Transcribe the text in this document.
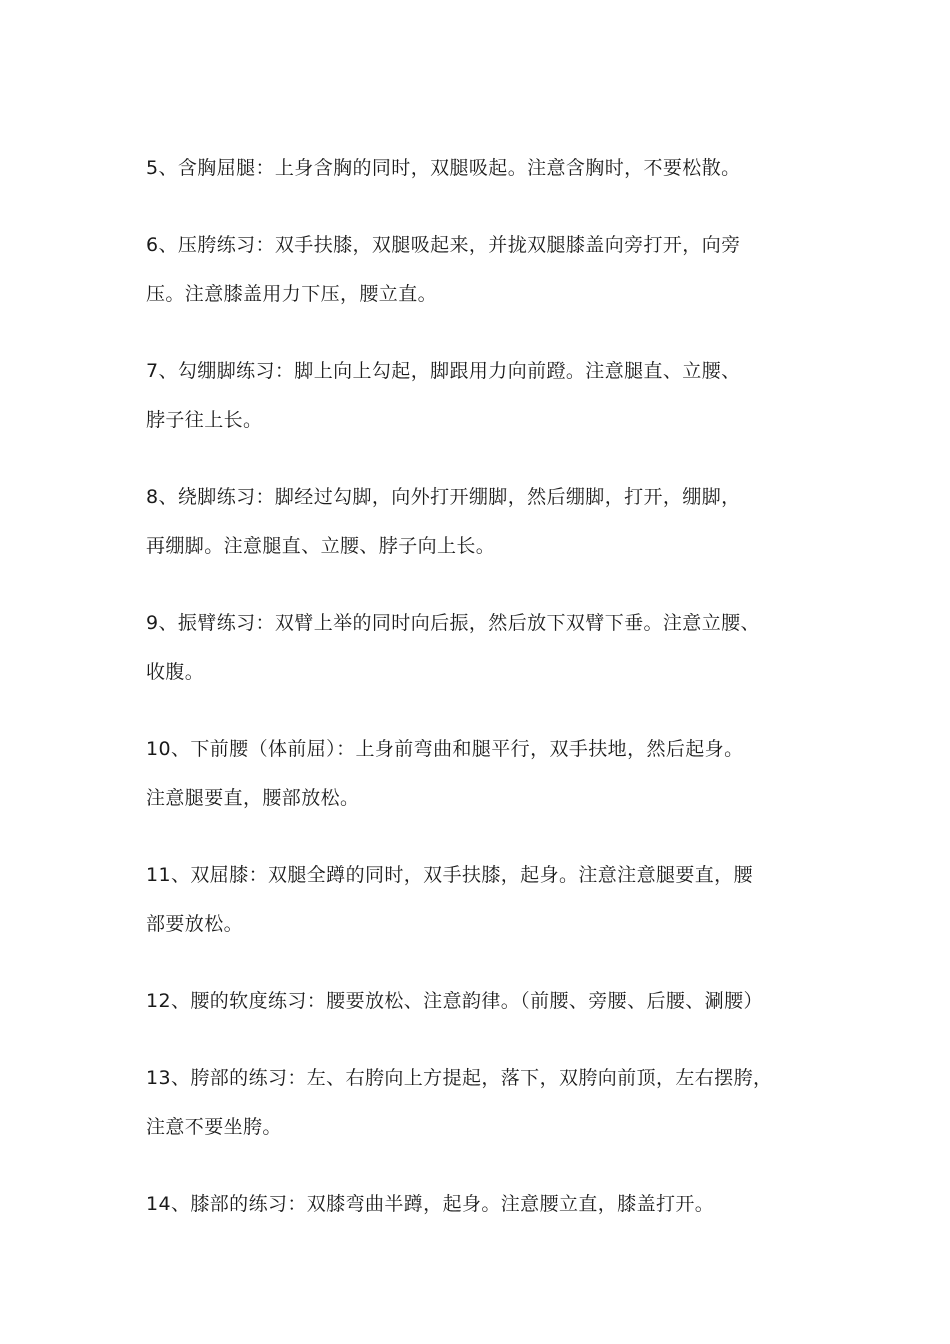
5、含胸屈腿：上身含胸的同时，双腿吸起。注意含胸时，不要松散。

6、压胯练习：双手扶膝，双腿吸起来，并拢双腿膝盖向旁打开，向旁

压。注意膝盖用力下压，腰立直。

7、勾绷脚练习：脚上向上勾起，脚跟用力向前蹬。注意腿直、立腰、

脖子往上长。

8、绕脚练习：脚经过勾脚，向外打开绷脚，然后绷脚，打开，绷脚，

再绷脚。注意腿直、立腰、脖子向上长。

9、振臂练习：双臂上举的同时向后振，然后放下双臂下垂。注意立腰、

收腹。

10、下前腰（体前屈）：上身前弯曲和腿平行，双手扶地，然后起身。

注意腿要直，腰部放松。

11、双屈膝：双腿全蹲的同时，双手扶膝，起身。注意注意腿要直，腰

部要放松。

12、腰的软度练习：腰要放松、注意韵律。（前腰、旁腰、后腰、涮腰）

13、胯部的练习：左、右胯向上方提起，落下，双胯向前顶，左右摆胯，

注意不要坐胯。

14、膝部的练习：双膝弯曲半蹲，起身。注意腰立直，膝盖打开。
